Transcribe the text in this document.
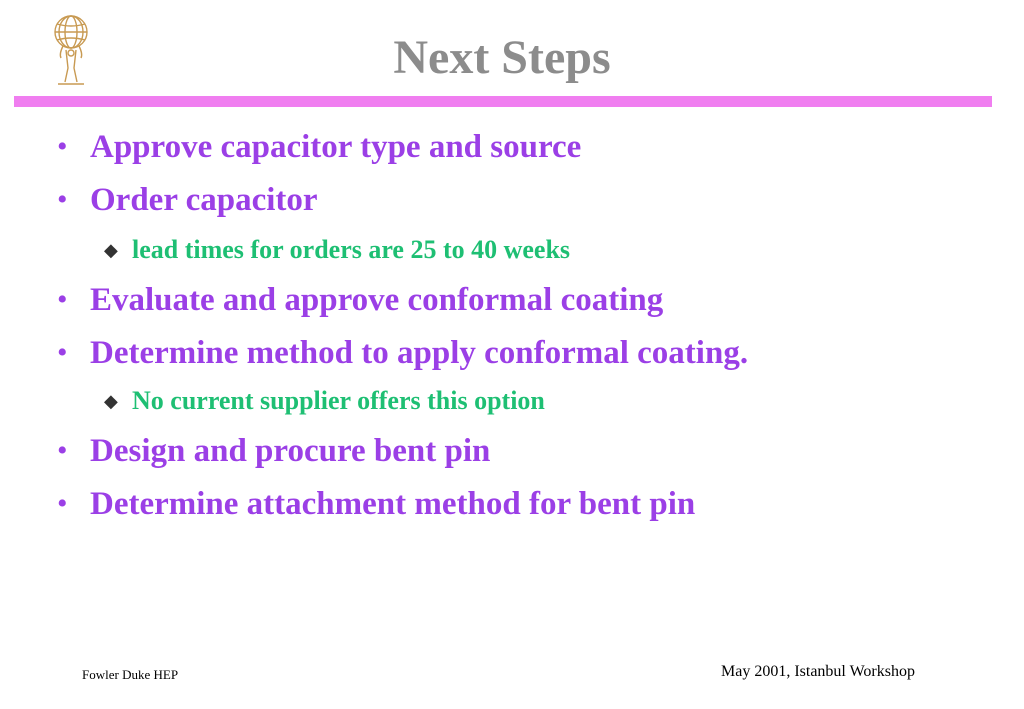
Next Steps
• Approve capacitor type and source
• Order capacitor
◆ lead times for orders are 25 to 40 weeks
• Evaluate and approve conformal coating
• Determine method to apply conformal coating.
◆ No current supplier offers this option
• Design and procure bent pin
• Determine attachment method for bent pin
Fowler Duke HEP	May 2001, Istanbul Workshop
